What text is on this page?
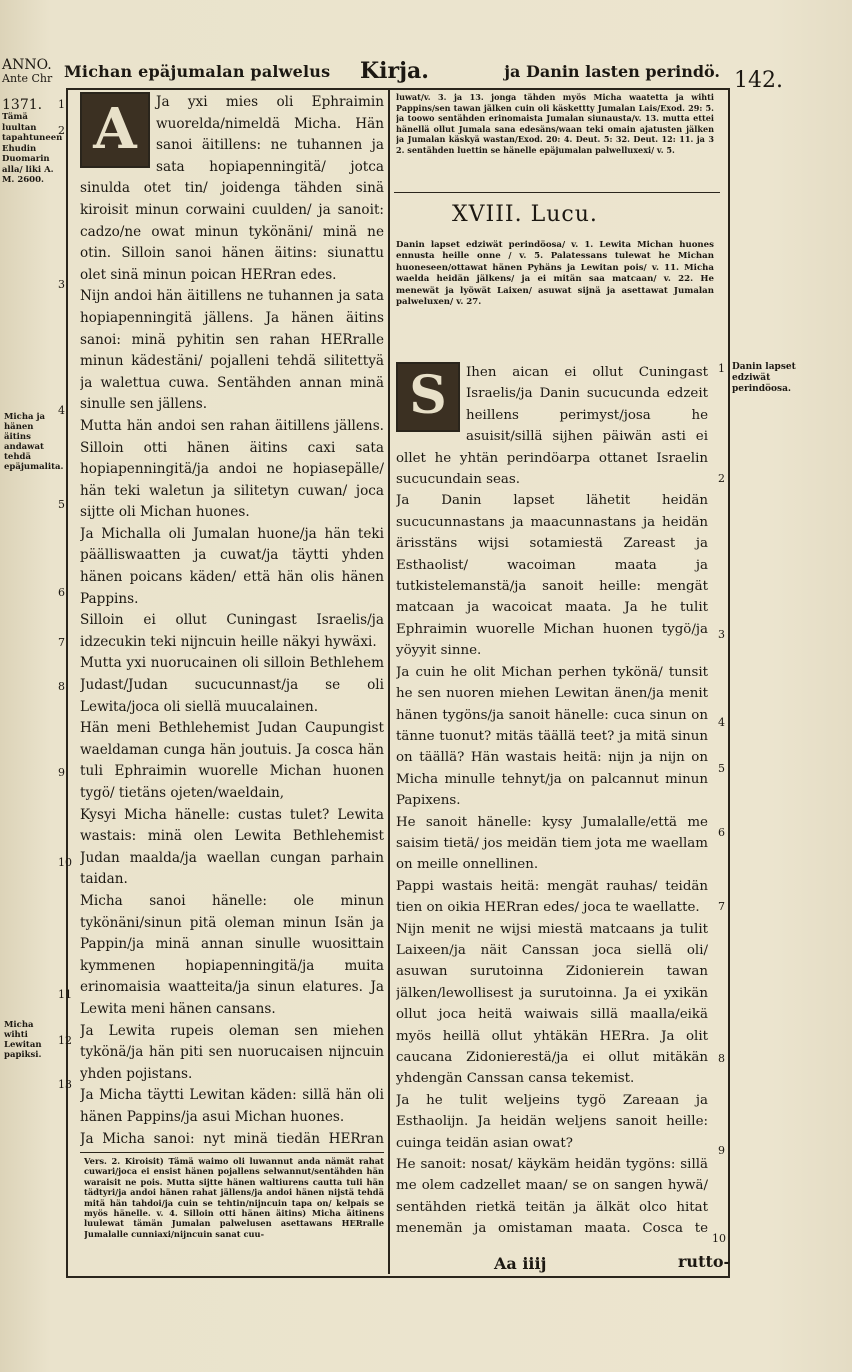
ANNO.
Ante Chr
1371.
Tämä luultan tapahtuneen Ehudin Duomarin alla/ liki A. M. 2600.
Michan epäjumalan palwelus Kirja.	ja Danin lasten perindö. 142.
Micha ja hänen äitins andawat tehdä epäjumalita.
Micha wihti Lewitan papiksi.
Danin lapset edziwät perindöosa.
1
2
3
4
5
6
7
8
9
10
11
12
13
1
2
3
4
5
6
7
8
9
10
A	Ja yxi mies oli Ephraimin wuorelda/nimeldä Micha. Hän sanoi äitillens: ne tuhannen ja sata hopiapenningitä/ jotca sinulda otet tin/ joidenga tähden sinä kiroisit minun corwaini cuulden/ ja sanoit: cadzo/ne owat minun tykönäni/ minä ne otin. Silloin sanoi hänen äitins: siunattu olet sinä minun poican HERran edes.

Nijn andoi hän äitillens ne tuhannen ja sata hopiapenningitä jällens. Ja hänen äitins sanoi: minä pyhitin sen rahan HERralle minun kädestäni/ pojalleni tehdä silitettyä ja walettua cuwa. Sentähden annan minä sinulle sen jällens.

Mutta hän andoi sen rahan äitillens jällens. Silloin otti hänen äitins caxi sata hopiapenningitä/ja andoi ne hopiasepälle/ hän teki waletun ja silitetyn cuwan/ joca sijtte oli Michan huones.

Ja Michalla oli Jumalan huone/ja hän teki päälliswaatten ja cuwat/ja täytti yhden hänen poicans käden/ että hän olis hänen Pappins.

Silloin ei ollut Cuningast Israelis/ja idzecukin teki nijncuin heille näkyi hywäxi.

Mutta yxi nuorucainen oli silloin Bethlehem Judast/Judan sucucunnast/ja se oli Lewita/joca oli siellä muucalainen.

Hän meni Bethlehemist Judan Caupungist waeldaman cunga hän joutuis. Ja cosca hän tuli Ephraimin wuorelle Michan huonen tygö/ tietäns ojeten/waeldain,

Kysyi Micha hänelle: custas tulet? Lewita wastais: minä olen Lewita Bethlehemist Judan maalda/ja waellan cungan parhain taidan.

Micha sanoi hänelle: ole minun tykönäni/sinun pitä oleman minun Isän ja Pappin/ja minä annan sinulle wuosittain kymmenen hopiapenningitä/ja muita erinomaisia waatteita/ja sinun elatures. Ja Lewita meni hänen cansans.

Ja Lewita rupeis oleman sen miehen tykönä/ja hän piti sen nuorucaisen nijncuin yhden pojistans.

Ja Micha täytti Lewitan käden: sillä hän oli hänen Pappins/ja asui Michan huones.

Ja Micha sanoi: nyt minä tiedän HERran

Vers. 2. Kiroisit) Tämä waimo oli luwannut anda nämät rahat cuwari/joca ei ensist hänen pojallens selwannut/sentähden hän waraisit ne pois. Mutta sijtte hänen waltiurens cautta tuli hän tädtyri/ja andoi hänen rahat jällens/ja andoi hänen nijstä tehdä mitä hän tahdoi/ja cuin se tehtin/nijncuin tapa on/ kelpais se myös hänelle. v. 4. Silloin otti hänen äitins) Micha äitinens luulewat tämän Jumalan palwelusen asettawans HERralle Jumalalle cunniaxi/nijncuin sanat cuu-
luwat/v. 3. ja 13. jonga tähden myös Micha waatetta ja wihti Pappins/sen tawan jälken cuin oli käskettty Jumalan Lais/Exod. 29: 5. ja toowo sentähden erinomaista Jumalan siunausta/v. 13. mutta ettei hänellä ollut Jumala sana edesäns/waan teki omain ajatusten jälken ja Jumalan käskyä wastan/Exod. 20: 4. Deut. 5: 32. Deut. 12: 11. ja 3 2. sentähden luettin se hänelle epäjumalan palwelluxexi/ v. 5.
XVIII. Lucu.
Danin lapset edziwät perindöosa/ v. 1. Lewita Michan huones ennusta heille onne / v. 5. Palatessans tulewat he Michan huoneseen/ottawat hänen Pyhäns ja Lewitan pois/ v. 11. Micha waelda heidän jälkens/ ja ei mitän saa matcaan/ v. 22. He menewät ja lyöwät Laixen/ asuwat sijnä ja asettawat Jumalan palweluxen/ v. 27.
S	Ihen aican ei ollut Cuningast Israelis/ja Danin sucucunda edzeit heillens perimyst/josa he asuisit/sillä sijhen päiwän asti ei ollet he yhtän perindöarpa ottanet Israelin sucucundain seas.

Ja Danin lapset lähetit heidän sucucunnastans ja maacunnastans ja heidän ärisstäns wijsi sotamiestä Zareast ja Esthaolist/ wacoiman maata ja tutkistelemanstä/ja sanoit heille: mengät matcaan ja wacoicat maata. Ja he tulit Ephraimin wuorelle Michan huonen tygö/ja yöyyit sinne.

Ja cuin he olit Michan perhen tykönä/ tunsit he sen nuoren miehen Lewitan änen/ja menit hänen tygöns/ja sanoit hänelle: cuca sinun on tänne tuonut? mitäs täällä teet? ja mitä sinun on täällä? Hän wastais heitä: nijn ja nijn on Micha minulle tehnyt/ja on palcannut minun Papixens.

He sanoit hänelle: kysy Jumalalle/että me saisim tietä/ jos meidän tiem jota me waellam on meille onnellinen.

Pappi wastais heitä: mengät rauhas/ teidän tien on oikia HERran edes/ joca te waellatte.

Nijn menit ne wijsi miestä matcaans ja tulit Laixeen/ja näit Canssan joca siellä oli/ asuwan surutoinna Zidonierein tawan jälken/lewollisest ja surutoinna. Ja ei yxikän ollut joca heitä waiwais sillä maalla/eikä myös heillä ollut yhtäkän HERra. Ja olit caucana Zidonierestä/ja ei ollut mitäkän yhdengän Canssan cansa tekemist.

Ja he tulit weljeins tygö Zareaan ja Esthaolijn. Ja heidän weljens sanoit heille: cuinga teidän asian owat?

He sanoit: nosat/ käykäm heidän tygöns: sillä me olem cadzellet maan/ se on sangen hywä/ sentähden rietkä teitän ja älkät olco hitat menemän ja omistaman maata. Cosca te

Aa iiij	rutto-
